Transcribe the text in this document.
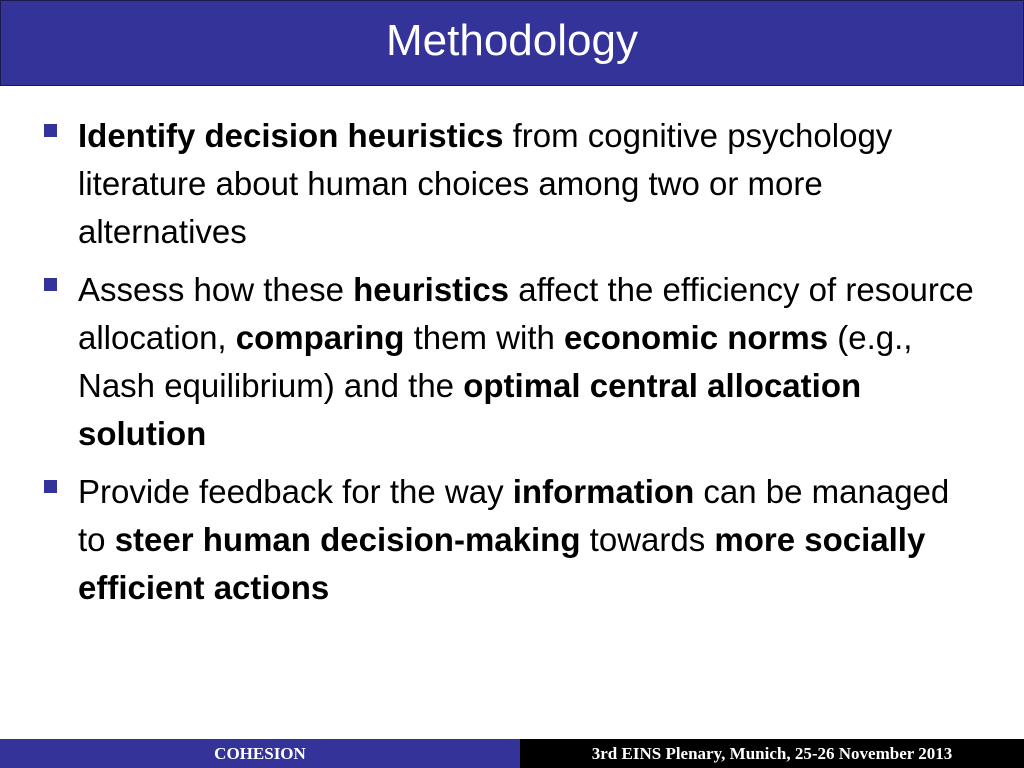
Methodology
Identify decision heuristics from cognitive psychology literature about human choices among two or more alternatives
Assess how these heuristics affect the efficiency of resource allocation, comparing them with economic norms (e.g., Nash equilibrium) and the optimal central allocation solution
Provide feedback for the way information can be managed to steer human decision-making towards more socially efficient actions
COHESION	3rd EINS Plenary, Munich, 25-26 November 2013
